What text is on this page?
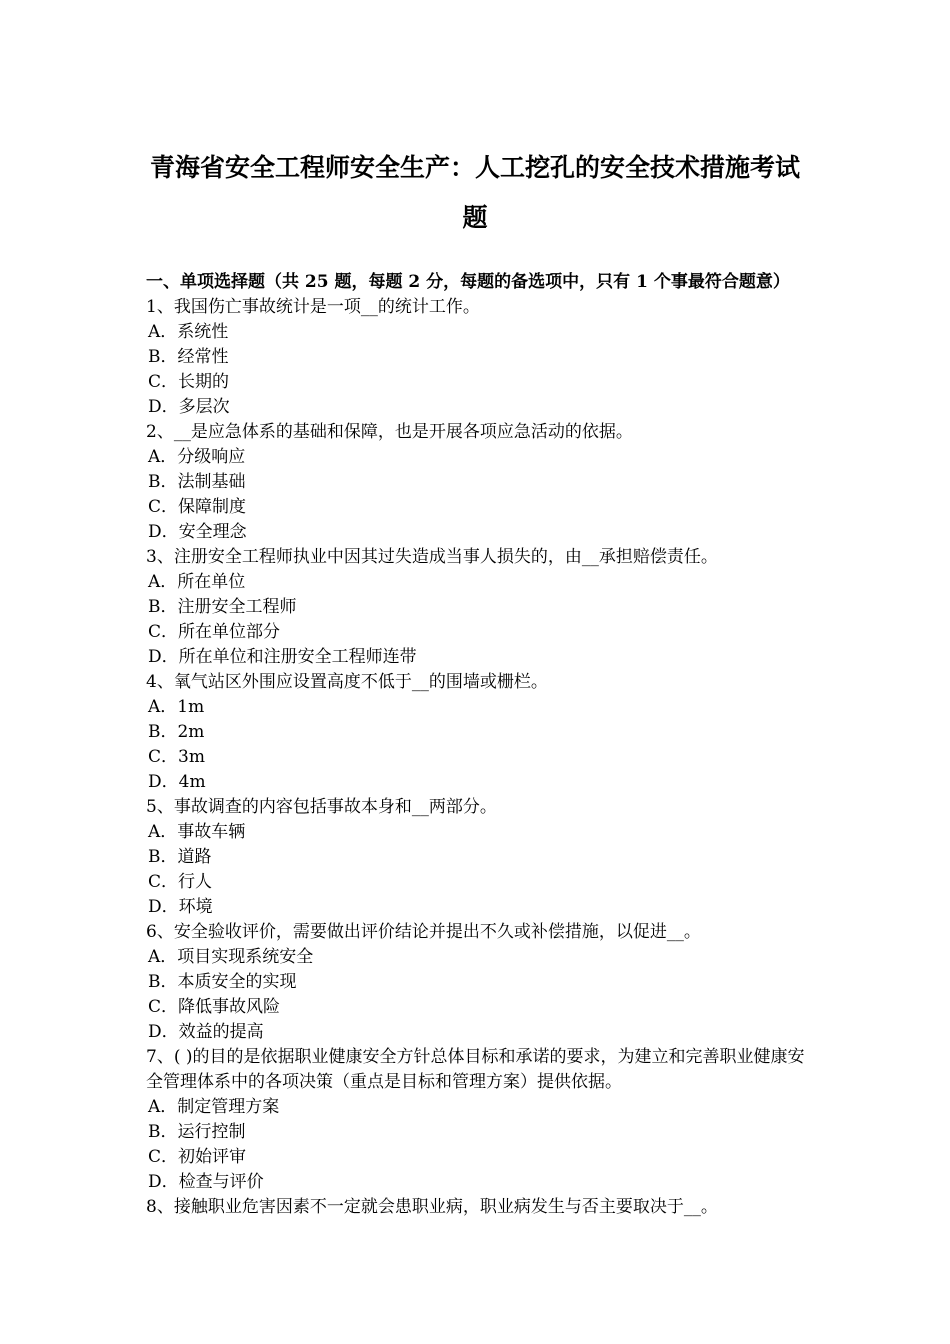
青海省安全工程师安全生产：人工挖孔的安全技术措施考试
题

一、单项选择题（共 25 题，每题 2 分，每题的备选项中，只有 1 个事最符合题意）

1、我国伤亡事故统计是一项__的统计工作。
A．系统性
B．经常性
C．长期的
D．多层次
2、__是应急体系的基础和保障，也是开展各项应急活动的依据。
A．分级响应
B．法制基础
C．保障制度
D．安全理念
3、注册安全工程师执业中因其过失造成当事人损失的，由__承担赔偿责任。
A．所在单位
B．注册安全工程师
C．所在单位部分
D．所在单位和注册安全工程师连带
4、氧气站区外围应设置高度不低于__的围墙或栅栏。
A．1m
B．2m
C．3m
D．4m
5、事故调查的内容包括事故本身和__两部分。
A．事故车辆
B．道路
C．行人
D．环境
6、安全验收评价，需要做出评价结论并提出不久或补偿措施，以促进__。
A．项目实现系统安全
B．本质安全的实现
C．降低事故风险
D．效益的提高
7、( )的目的是依据职业健康安全方针总体目标和承诺的要求，为建立和完善职业健康安全管理体系中的各项决策（重点是目标和管理方案）提供依据。
A．制定管理方案
B．运行控制
C．初始评审
D．检查与评价
8、接触职业危害因素不一定就会患职业病，职业病发生与否主要取决于__。
